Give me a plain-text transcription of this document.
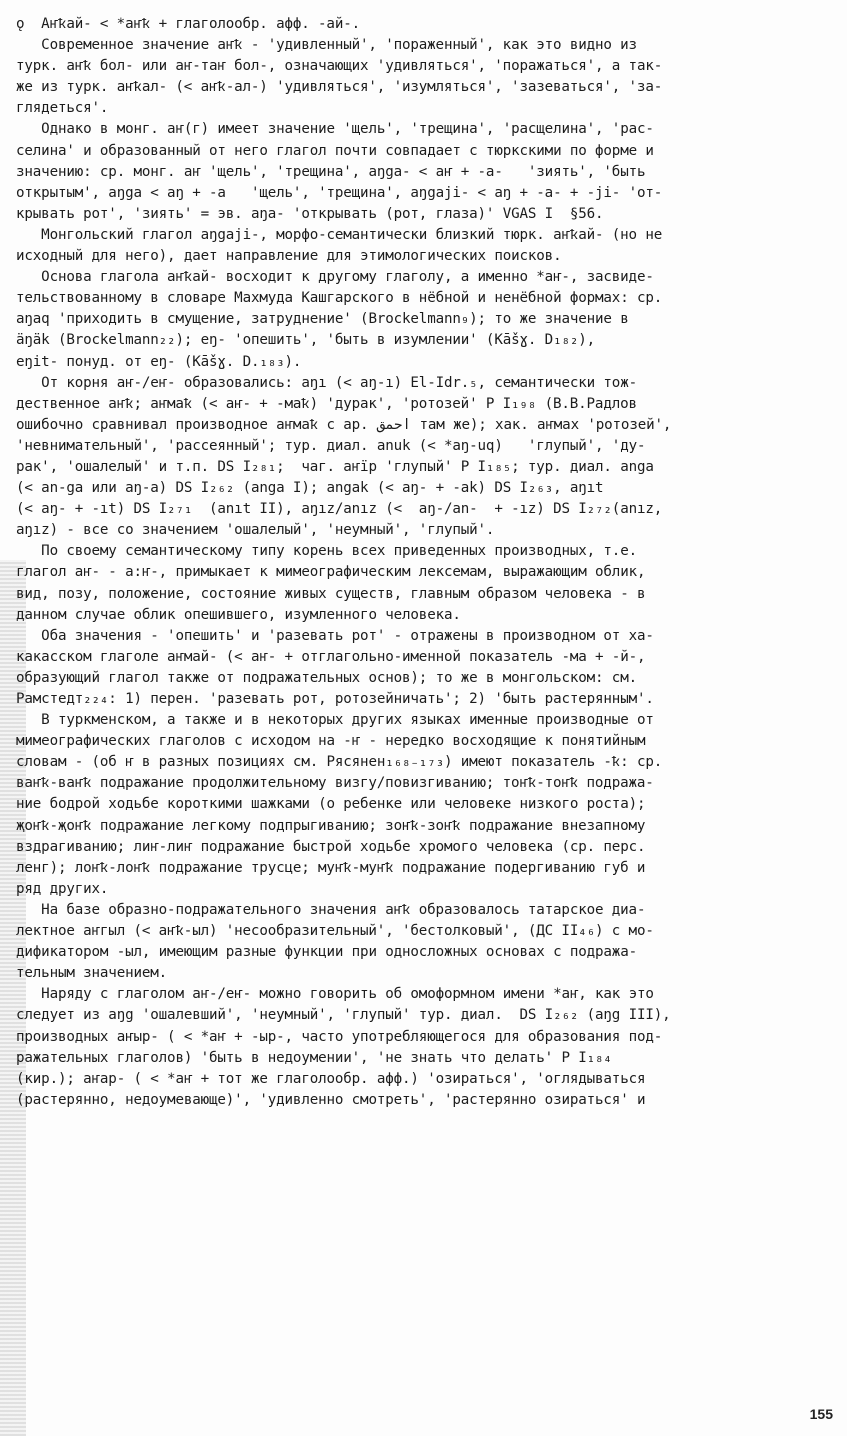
ǫ  Аҥҟай- < *аҥҟ + глаголообр. афф. -ай-.

Современное значение аҥҟ - 'удивленный', 'пораженный', как это видно из

турк. аҥҟ бол- или аҥ-таҥ бол-, означающих 'удивляться', 'поражаться', а так-

же из турк. аҥҟал- (< аҥҟ-ал-) 'удивляться', 'изумляться', 'зазеваться', 'за-

глядеться'.

Однако в монг. аҥ(г) имеет значение 'щель', 'трещина', 'расщелина', 'рас-

селина' и образованный от него глагол почти совпадает с тюркскими по форме и

значению: ср. монг. аҥ 'щель', 'трещина', aŋga- < аҥ + -a-   'зиять', 'быть

открытым', aŋga < aŋ + -a   'щель', 'трещина', aŋgaji- < aŋ + -a- + -ji- 'от-

крывать рот', 'зиять' = эв. aŋa- 'открывать (рот, глаза)' VGAS I  §56.

Монгольский глагол aŋgaji-, морфо-семантически близкий тюрк. аҥҟай- (но не

исходный для него), дает направление для этимологических поисков.

Основа глагола аҥҟай- восходит к другому глаголу, а именно *аҥ-, засвиде-

тельствованному в словаре Махмуда Кашгарского в нёбной и ненёбной формах: ср.

aŋaq 'приходить в смущение, затруднение' (Brockelmann₉); то же значение в

äŋäk (Brockelmann₂₂); eŋ- 'опешить', 'быть в изумлении' (Kāšɣ. D₁₈₂),

eŋit- понуд. от eŋ- (Kāšɣ. D.₁₈₃).

От корня аҥ-/еҥ- образовались: aŋı (< aŋ-ı) El-Idr.₅, семантически тож-

дественное аҥҟ; аҥмаҟ (< аҥ- + -маҟ) 'дурак', 'ротозей' Р I₁₉₈ (В.В.Радлов

ошибочно сравнивал производное аҥмаҟ с ар. احمق там же); хак. аҥмах 'ротозей',

'невнимательный', 'рассеянный'; тур. диал. anuk (< *aŋ-uq)   'глупый', 'ду-

рак', 'ошалелый' и т.п. DS I₂₈₁;  чаг. аҥïр 'глупый' Р I₁₈₅; тур. диал. anga

(< an-ga или aŋ-a) DS I₂₆₂ (anga I); angak (< aŋ- + -ak) DS I₂₆₃, aŋıt

(< aŋ- + -ıt) DS I₂₇₁  (anıt II), aŋız/anız (<  aŋ-/an-  + -ız) DS I₂₇₂(anız,

aŋız) - все со значением 'ошалелый', 'неумный', 'глупый'.

По своему семантическому типу корень всех приведенных производных, т.е.

глагол аҥ- - а:ҥ-, примыкает к мимеографическим лексемам, выражающим облик,

вид, позу, положение, состояние живых существ, главным образом человека - в

данном случае облик опешившего, изумленного человека.

Оба значения - 'опешить' и 'разевать рот' - отражены в производном от ха-

какасском глаголе аҥмай- (< аҥ- + отглагольно-именной показатель -ма + -й-,

образующий глагол также от подражательных основ); то же в монгольском: см.

Рамстедт₂₂₄: 1) перен. 'разевать рот, ротозейничать'; 2) 'быть растерянным'.

В туркменском, а также и в некоторых других языках именные производные от

мимеографических глаголов с исходом на -ҥ - нередко восходящие к понятийным

словам - (об ҥ в разных позициях см. Рясянен₁₆₈₋₁₇₃) имеют показатель -ҟ: ср.

ваҥҟ-ваҥҟ подражание продолжительному визгу/повизгиванию; тоҥҟ-тоҥҟ подража-

ние бодрой ходьбе короткими шажками (о ребенке или человеке низкого роста);

җоҥҟ-җоҥҟ подражание легкому подпрыгиванию; зоҥҟ-зоҥҟ подражание внезапному

вздрагиванию; лиҥ-лиҥ подражание быстрой ходьбе хромого человека (ср. перс.

ленг); лоҥҟ-лоҥҟ подражание трусце; муҥҟ-муҥҟ подражание подергиванию губ и

ряд других.

На базе образно-подражательного значения аҥҟ образовалось татарское диа-

лектное аҥгыл (< аҥҟ-ыл) 'несообразительный', 'бестолковый', (ДС II₄₆) с мо-

дификатором -ыл, имеющим разные функции при односложных основах с подража-

тельным значением.

Наряду с глаголом аҥ-/еҥ- можно говорить об омоформном имени *аҥ, как это

следует из aŋg 'ошалевший', 'неумный', 'глупый' тур. диал.  DS I₂₆₂ (aŋg III),

производных аҥыр- ( < *аҥ + -ыр-, часто употребляющегося для образования под-

ражательных глаголов) 'быть в недоумении', 'не знать что делать' Р I₁₈₄

(кир.); аҥар- ( < *аҥ + тот же глаголообр. афф.) 'озираться', 'оглядываться

(растерянно, недоумевающе)', 'удивленно смотреть', 'растерянно озираться' и

155
